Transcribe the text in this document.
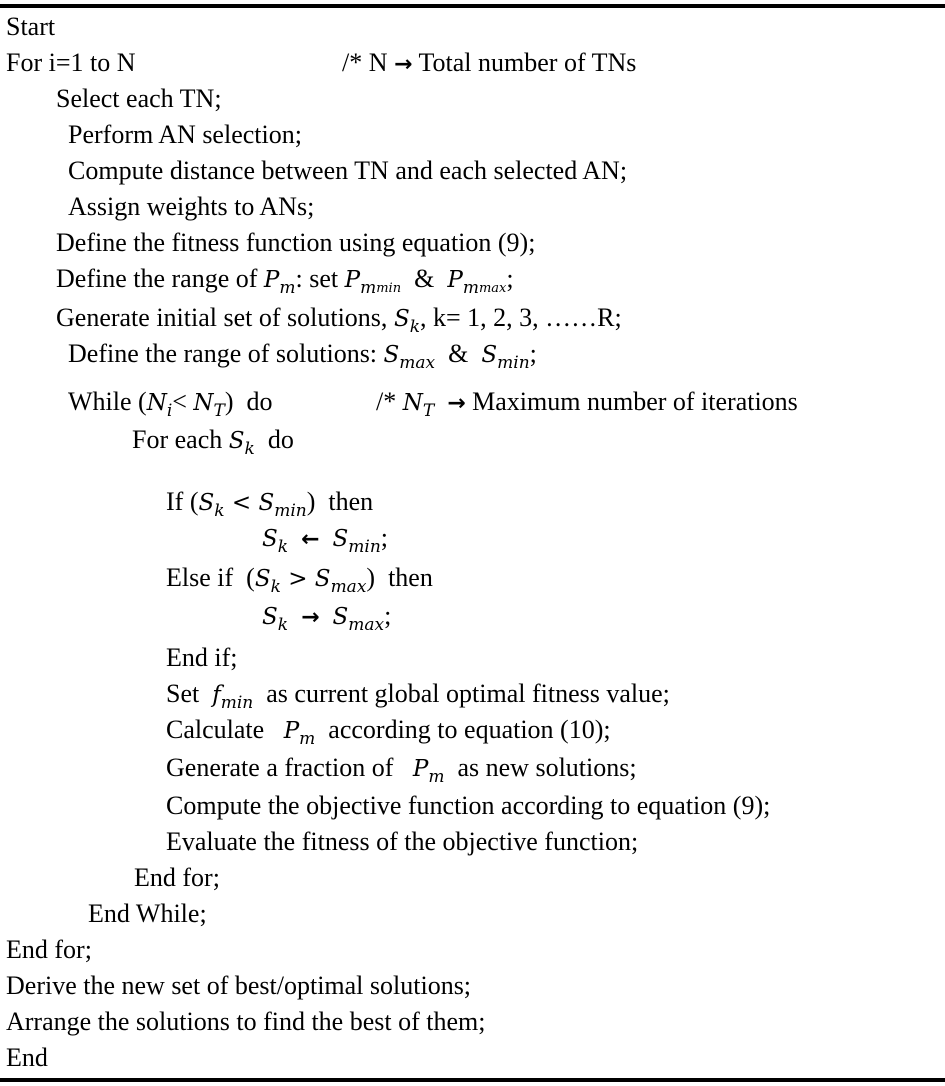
Start
For i=1 to N	/* N → Total number of TNs
Select each TN;
Perform AN selection;
Compute distance between TN and each selected AN;
Assign weights to ANs;
Define the fitness function using equation (9);
Define the range of $P_m$: set $P_m\min$  &  $P_m\max$;
Generate initial set of solutions, $S_k$, k= 1, 2, 3, ……R;
Define the range of solutions: $S_{max}$  &  $S_{min}$;
While $(N_i< N_T)$  do	/* $N_T$ → Maximum number of iterations
For each $S_k$  do
If $(S_k < S_{min})$  then
$S_k$ ← $S_{min}$;
Else if  $(S_k > S_{max})$  then
$S_k \to S_{max}$;
End if;
Set  $f_{min}$  as current global optimal fitness value;
Calculate   $P_m$  according to equation (10);
Generate a fraction of   $P_m$  as new solutions;
Compute the objective function according to equation (9);
Evaluate the fitness of the objective function;
End for;
End While;
End for;
Derive the new set of best/optimal solutions;
Arrange the solutions to find the best of them;
End
